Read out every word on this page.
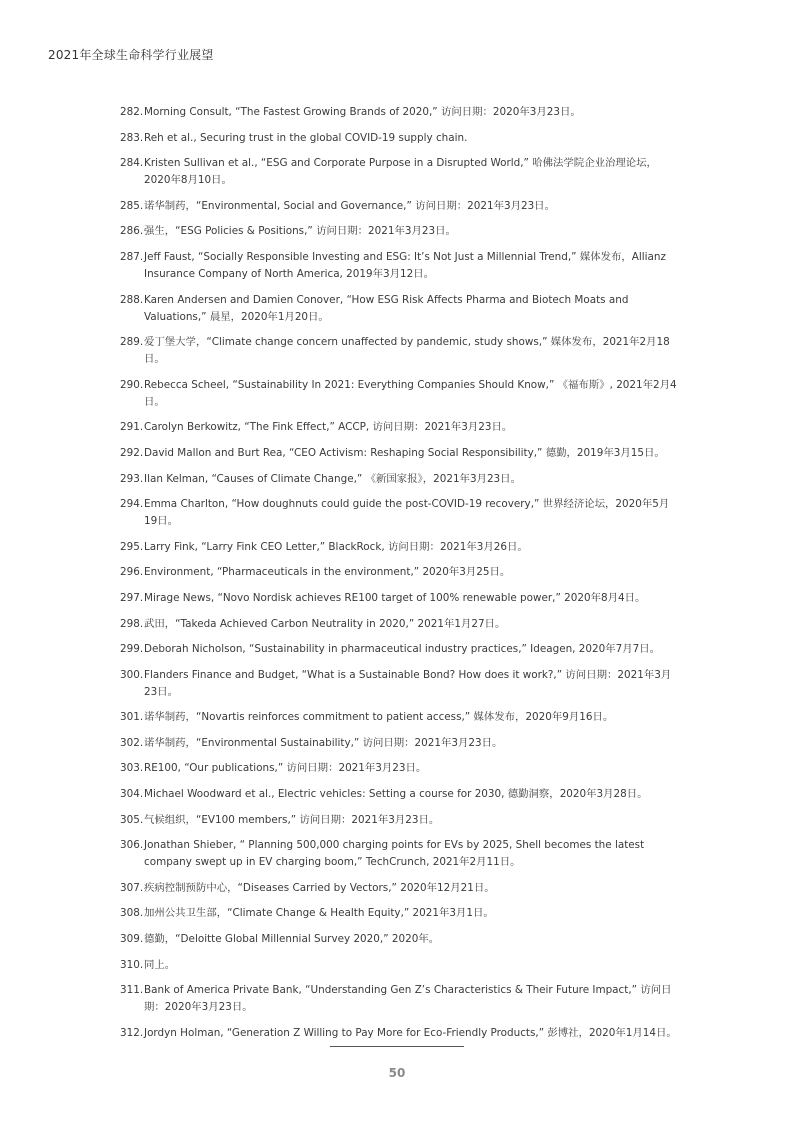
2021年全球生命科学行业展望
282. Morning Consult, “The Fastest Growing Brands of 2020,” 访问日期：2020年3月23日。
283. Reh et al., Securing trust in the global COVID-19 supply chain.
284. Kristen Sullivan et al., “ESG and Corporate Purpose in a Disrupted World,” 哈佛法学院企业治理论坛，2020年8月10日。
285. 诺华制药，“Environmental, Social and Governance,” 访问日期：2021年3月23日。
286. 强生，“ESG Policies & Positions,” 访问日期：2021年3月23日。
287. Jeff Faust, “Socially Responsible Investing and ESG: It’s Not Just a Millennial Trend,” 媒体发布，Allianz Insurance Company of North America, 2019年3月12日。
288. Karen Andersen and Damien Conover, “How ESG Risk Affects Pharma and Biotech Moats and Valuations,” 晨星，2020年1月20日。
289. 爱丁堡大学，“Climate change concern unaffected by pandemic, study shows,” 媒体发布，2021年2月18日。
290. Rebecca Scheel, “Sustainability In 2021: Everything Companies Should Know,” 《福布斯》, 2021年2月4日。
291. Carolyn Berkowitz, “The Fink Effect,” ACCP, 访问日期：2021年3月23日。
292. David Mallon and Burt Rea, “CEO Activism: Reshaping Social Responsibility,” 德勤，2019年3月15日。
293. Ilan Kelman, “Causes of Climate Change,” 《新国家报》，2021年3月23日。
294. Emma Charlton, “How doughnuts could guide the post-COVID-19 recovery,” 世界经济论坛，2020年5月19日。
295. Larry Fink, “Larry Fink CEO Letter,” BlackRock, 访问日期：2021年3月26日。
296. Environment, “Pharmaceuticals in the environment,” 2020年3月25日。
297. Mirage News, “Novo Nordisk achieves RE100 target of 100% renewable power,” 2020年8月4日。
298. 武田，“Takeda Achieved Carbon Neutrality in 2020,” 2021年1月27日。
299. Deborah Nicholson, “Sustainability in pharmaceutical industry practices,” Ideagen, 2020年7月7日。
300. Flanders Finance and Budget, “What is a Sustainable Bond? How does it work?,” 访问日期：2021年3月23日。
301. 诺华制药，“Novartis reinforces commitment to patient access,” 媒体发布，2020年9月16日。
302. 诺华制药，“Environmental Sustainability,” 访问日期：2021年3月23日。
303. RE100, “Our publications,” 访问日期：2021年3月23日。
304. Michael Woodward et al., Electric vehicles: Setting a course for 2030, 德勤洞察，2020年3月28日。
305. 气候组织，“EV100 members,” 访问日期：2021年3月23日。
306. Jonathan Shieber, “ Planning 500,000 charging points for EVs by 2025, Shell becomes the latest company swept up in EV charging boom,” TechCrunch, 2021年2月11日。
307. 疾病控制预防中心，“Diseases Carried by Vectors,” 2020年12月21日。
308. 加州公共卫生部，“Climate Change & Health Equity,” 2021年3月1日。
309. 德勤，“Deloitte Global Millennial Survey 2020,” 2020年。
310. 同上。
311. Bank of America Private Bank, “Understanding Gen Z’s Characteristics & Their Future Impact,” 访问日期：2020年3月23日。
312. Jordyn Holman, “Generation Z Willing to Pay More for Eco-Friendly Products,” 彭博社，2020年1月14日。
50
